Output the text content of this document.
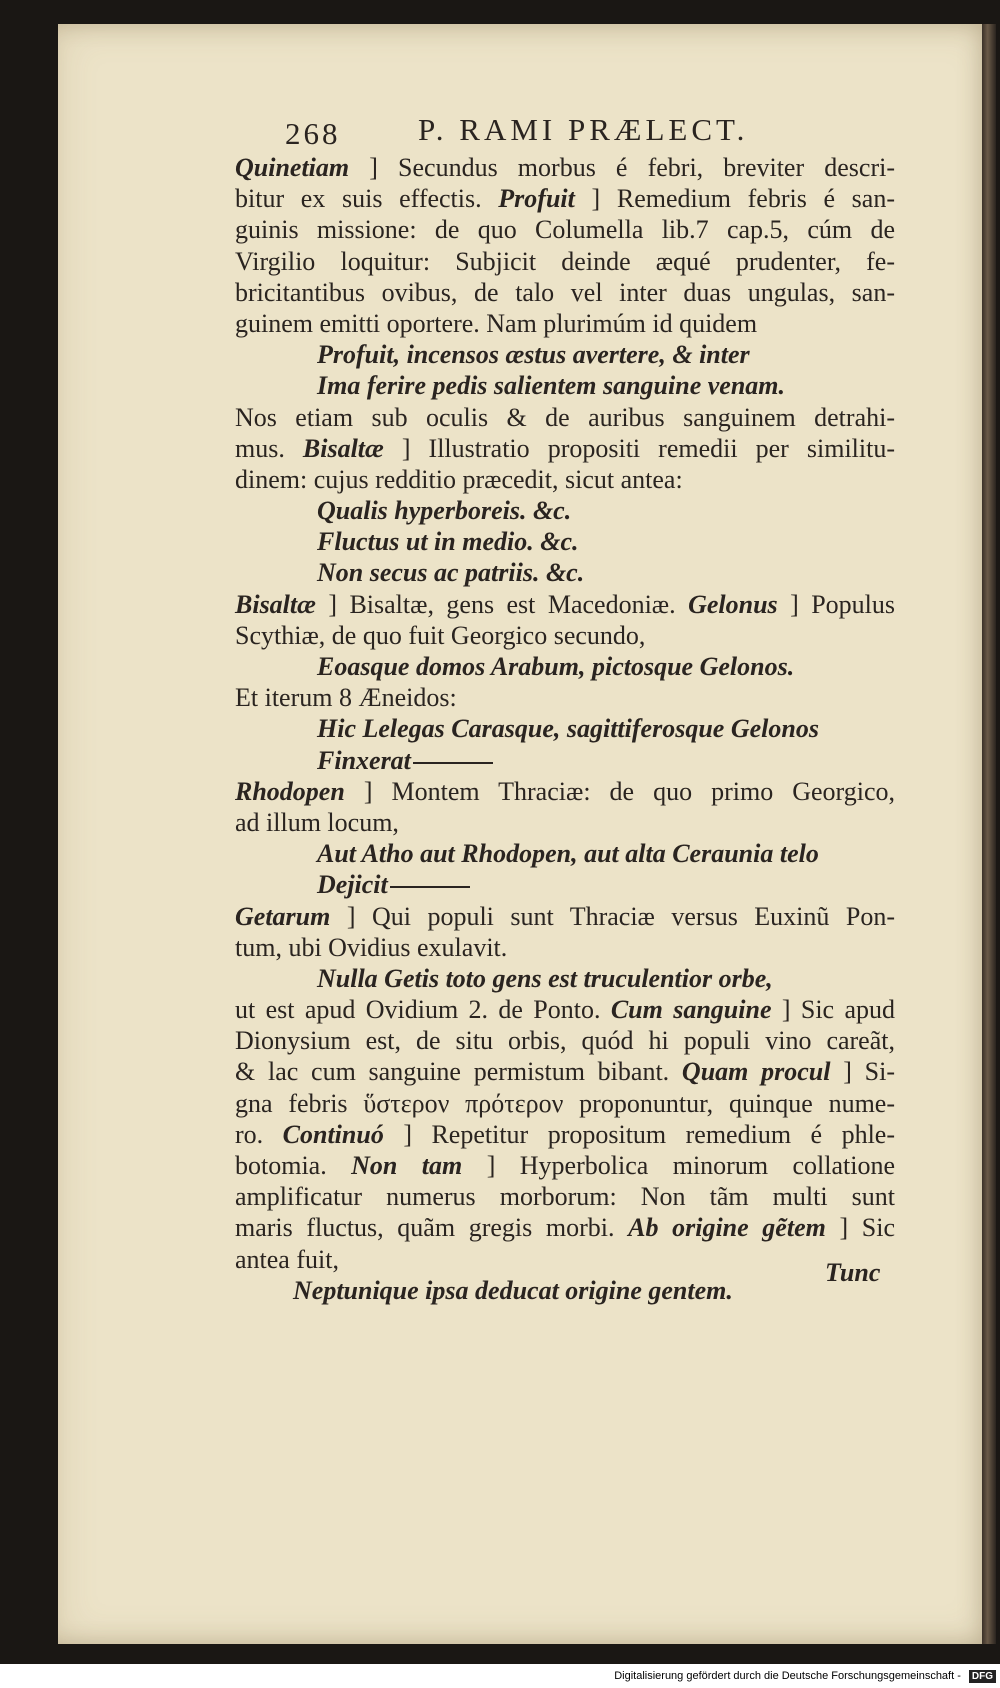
268	P. RAMI PRÆLECT.
Quinetiam ] Secundus morbus é febri, breviter descri-
bitur ex suis effectis. Profuit ] Remedium febris é san-
guinis missione: de quo Columella lib.7 cap.5, cúm de
Virgilio loquitur: Subjicit deinde æqué prudenter, fe-
bricitantibus ovibus, de talo vel inter duas ungulas, san-
guinem emitti oportere. Nam plurimúm id quidem
Profuit, incensos æstus avertere, & inter
Ima ferire pedis salientem sanguine venam.
Nos etiam sub oculis & de auribus sanguinem detrahi-
mus. Bisaltæ ] Illustratio propositi remedii per similitu-
dinem: cujus redditio præcedit, sicut antea:
Qualis hyperboreis. &c.
Fluctus ut in medio. &c.
Non secus ac patriis. &c.
Bisaltæ ] Bisaltæ, gens est Macedoniæ. Gelonus ] Populus
Scythiæ, de quo fuit Georgico secundo,
Eoasque domos Arabum, pictosque Gelonos.
Et iterum 8 Æneidos:
Hic Lelegas Carasque, sagittiferosque Gelonos
Finxerat
Rhodopen ] Montem Thraciæ: de quo primo Georgico,
ad illum locum,
Aut Atho aut Rhodopen, aut alta Ceraunia telo
Dejicit
Getarum ] Qui populi sunt Thraciæ versus Euxinũ Pon-
tum, ubi Ovidius exulavit.
Nulla Getis toto gens est truculentior orbe,
ut est apud Ovidium 2. de Ponto. Cum sanguine ] Sic apud
Dionysium est, de situ orbis, quód hi populi vino careãt,
& lac cum sanguine permistum bibant. Quam procul ] Si-
gna febris ὕστερον πρότερον proponuntur, quinque nume-
ro. Continuó ] Repetitur propositum remedium é phle-
botomia. Non tam ] Hyperbolica minorum collatione
amplificatur numerus morborum: Non tãm multi sunt
maris fluctus, quãm gregis morbi. Ab origine gẽtem ] Sic
antea fuit,
Neptunique ipsa deducat origine gentem.
Tunc
Digitalisierung gefördert durch die Deutsche Forschungsgemeinschaft - DFG
